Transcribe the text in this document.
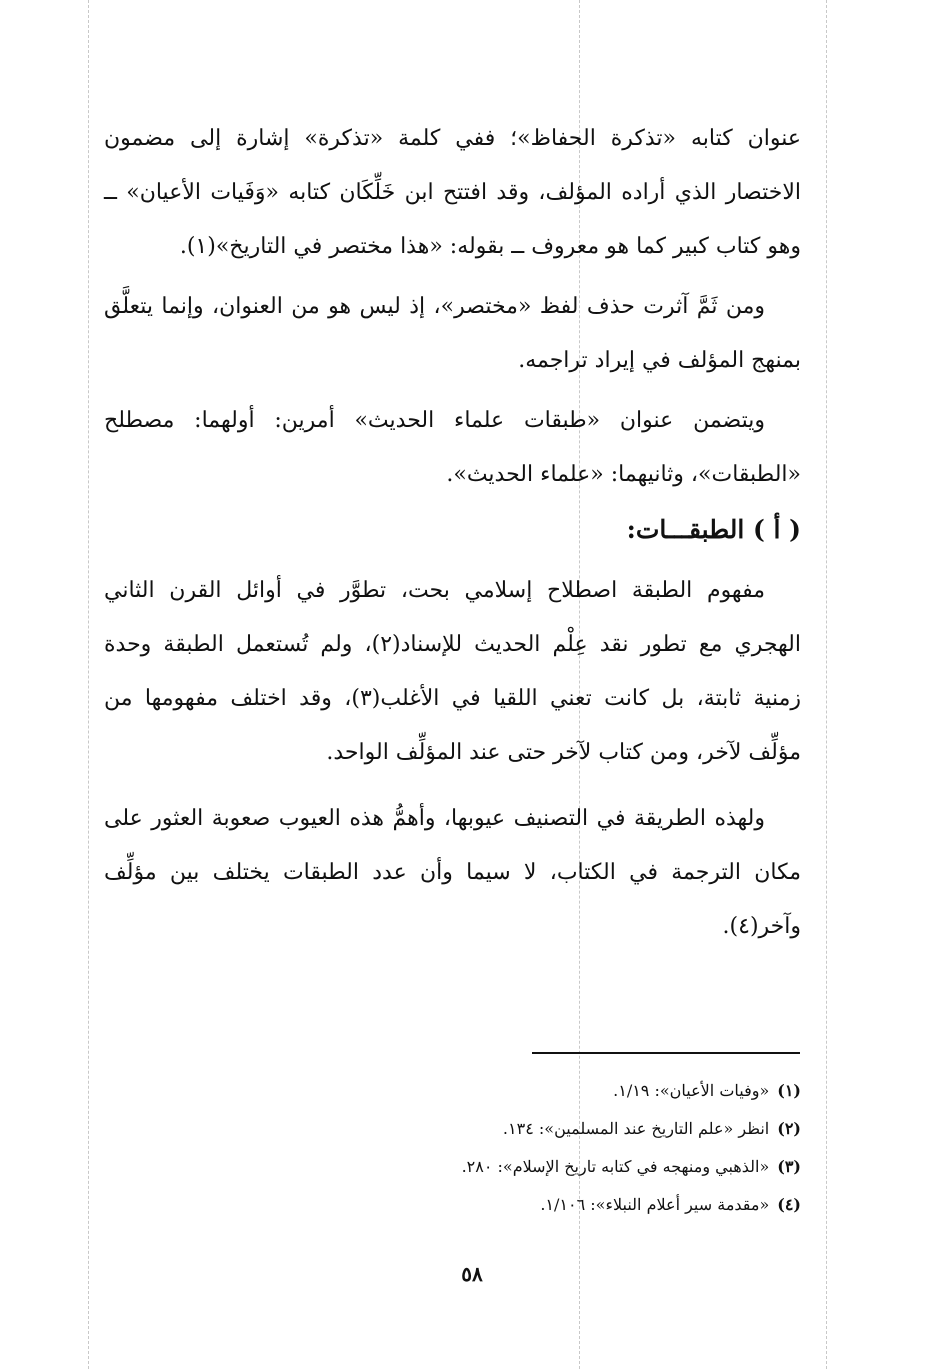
عنوان كتابه «تذكرة الحفاظ»؛ ففي كلمة «تذكرة» إشارة إلى مضمون الاختصار الذي أراده المؤلف، وقد افتتح ابن خَلِّكَان كتابه «وَفَيات الأعيان» ــ وهو كتاب كبير كما هو معروف ــ بقوله: «هذا مختصر في التاريخ»(١).

ومن ثَمَّ آثرت حذف لفظ «مختصر»، إذ ليس هو من العنوان، وإنما يتعلَّق بمنهج المؤلف في إيراد تراجمه.

ويتضمن عنوان «طبقات علماء الحديث» أمرين: أولهما: مصطلح «الطبقات»، وثانيهما: «علماء الحديث».

( أ ) الطبقـــات:

مفهوم الطبقة اصطلاح إسلامي بحت، تطوَّر في أوائل القرن الثاني الهجري مع تطور نقد عِلْم الحديث للإسناد(٢)، ولم تُستعمل الطبقة وحدة زمنية ثابتة، بل كانت تعني اللقيا في الأغلب(٣)، وقد اختلف مفهومها من مؤلِّف لآخر، ومن كتاب لآخر حتى عند المؤلِّف الواحد.

ولهذه الطريقة في التصنيف عيوبها، وأهمُّ هذه العيوب صعوبة العثور على مكان الترجمة في الكتاب، لا سيما وأن عدد الطبقات يختلف بين مؤلِّف وآخر(٤).

(١)«وفيات الأعيان»: ١/١٩.

(٢)انظر «علم التاريخ عند المسلمين»: ١٣٤.

(٣)«الذهبي ومنهجه في كتابه تاريخ الإسلام»: ٢٨٠.

(٤)«مقدمة سير أعلام النبلاء»: ١/١٠٦.

٥٨
